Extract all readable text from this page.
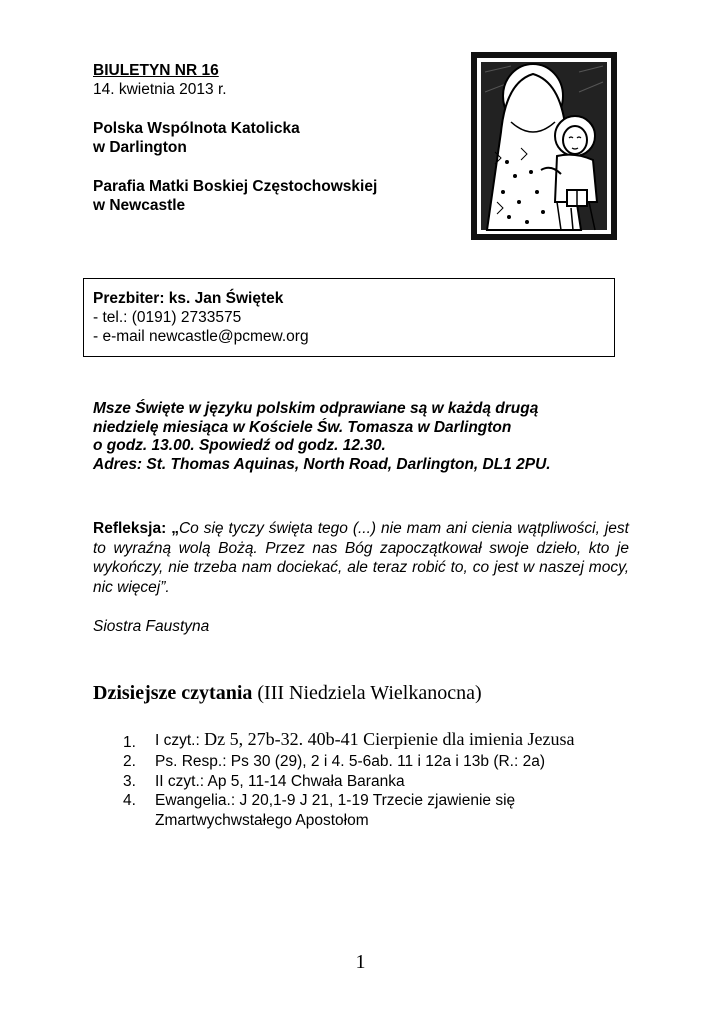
BIULETYN NR 16
14. kwietnia 2013 r.
Polska Wspólnota Katolicka
w Darlington
Parafia Matki Boskiej Częstochowskiej
w Newcastle
Prezbiter: ks. Jan Świętek
- tel.: (0191) 2733575
- e-mail newcastle@pcmew.org
Msze Święte w języku polskim odprawiane są w każdą drugą
niedzielę miesiąca w Kościele Św. Tomasza w Darlington
o godz. 13.00. Spowiedź od godz. 12.30.
Adres: St. Thomas Aquinas, North Road, Darlington, DL1 2PU.
Refleksja: „Co się tyczy święta tego (...) nie mam ani cienia wątpliwości, jest to wyraźną wolą Bożą. Przez nas Bóg zapoczątkował swoje dzieło, kto je wykończy, nie trzeba nam dociekać, ale teraz robić to, co jest w naszej mocy, nic więcej”.
Siostra Faustyna
Dzisiejsze czytania (III Niedziela Wielkanocna)
1. I czyt.: Dz 5, 27b-32. 40b-41 Cierpienie dla imienia Jezusa
2. Ps. Resp.: Ps 30 (29), 2 i 4. 5-6ab. 11 i 12a i 13b (R.: 2a)
3. II czyt.: Ap 5, 11-14 Chwała Baranka
4. Ewangelia.: J 20,1-9 J 21, 1-19 Trzecie zjawienie się Zmartwychwstałego Apostołom
1
